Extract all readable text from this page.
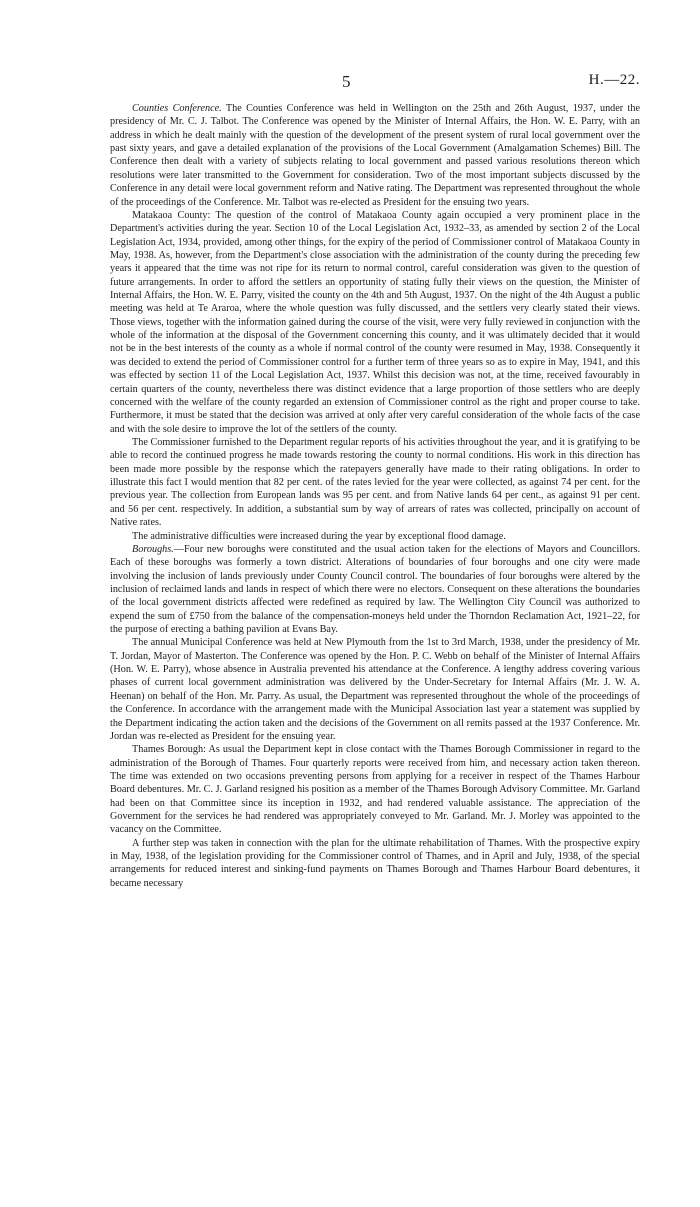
5	H.—22.

Counties Conference. The Counties Conference was held in Wellington on the 25th and 26th August, 1937, under the presidency of Mr. C. J. Talbot. The Conference was opened by the Minister of Internal Affairs, the Hon. W. E. Parry, with an address in which he dealt mainly with the question of the development of the present system of rural local government over the past sixty years, and gave a detailed explanation of the provisions of the Local Government (Amalgamation Schemes) Bill. The Conference then dealt with a variety of subjects relating to local government and passed various resolutions thereon which resolutions were later transmitted to the Government for consideration. Two of the most important subjects discussed by the Conference in any detail were local government reform and Native rating. The Department was represented throughout the whole of the proceedings of the Conference. Mr. Talbot was re-elected as President for the ensuing two years.

Matakaoa County: The question of the control of Matakaoa County again occupied a very prominent place in the Department's activities during the year. Section 10 of the Local Legislation Act, 1932–33, as amended by section 2 of the Local Legislation Act, 1934, provided, among other things, for the expiry of the period of Commissioner control of Matakaoa County in May, 1938. As, however, from the Department's close association with the administration of the county during the preceding few years it appeared that the time was not ripe for its return to normal control, careful consideration was given to the question of future arrangements. In order to afford the settlers an opportunity of stating fully their views on the question, the Minister of Internal Affairs, the Hon. W. E. Parry, visited the county on the 4th and 5th August, 1937. On the night of the 4th August a public meeting was held at Te Araroa, where the whole question was fully discussed, and the settlers very clearly stated their views. Those views, together with the information gained during the course of the visit, were very fully reviewed in conjunction with the whole of the information at the disposal of the Government concerning this county, and it was ultimately decided that it would not be in the best interests of the county as a whole if normal control of the county were resumed in May, 1938. Consequently it was decided to extend the period of Commissioner control for a further term of three years so as to expire in May, 1941, and this was effected by section 11 of the Local Legislation Act, 1937. Whilst this decision was not, at the time, received favourably in certain quarters of the county, nevertheless there was distinct evidence that a large proportion of those settlers who are deeply concerned with the welfare of the county regarded an extension of Commissioner control as the right and proper course to take. Furthermore, it must be stated that the decision was arrived at only after very careful consideration of the whole facts of the case and with the sole desire to improve the lot of the settlers of the county.

The Commissioner furnished to the Department regular reports of his activities throughout the year, and it is gratifying to be able to record the continued progress he made towards restoring the county to normal conditions. His work in this direction has been made more possible by the response which the ratepayers generally have made to their rating obligations. In order to illustrate this fact I would mention that 82 per cent. of the rates levied for the year were collected, as against 74 per cent. for the previous year. The collection from European lands was 95 per cent. and from Native lands 64 per cent., as against 91 per cent. and 56 per cent. respectively. In addition, a substantial sum by way of arrears of rates was collected, principally on account of Native rates.

The administrative difficulties were increased during the year by exceptional flood damage.

Boroughs.—Four new boroughs were constituted and the usual action taken for the elections of Mayors and Councillors. Each of these boroughs was formerly a town district. Alterations of boundaries of four boroughs and one city were made involving the inclusion of lands previously under County Council control. The boundaries of four boroughs were altered by the inclusion of reclaimed lands and lands in respect of which there were no electors. Consequent on these alterations the boundaries of the local government districts affected were redefined as required by law. The Wellington City Council was authorized to expend the sum of £750 from the balance of the compensation-moneys held under the Thorndon Reclamation Act, 1921–22, for the purpose of erecting a bathing pavilion at Evans Bay.

The annual Municipal Conference was held at New Plymouth from the 1st to 3rd March, 1938, under the presidency of Mr. T. Jordan, Mayor of Masterton. The Conference was opened by the Hon. P. C. Webb on behalf of the Minister of Internal Affairs (Hon. W. E. Parry), whose absence in Australia prevented his attendance at the Conference. A lengthy address covering various phases of current local government administration was delivered by the Under-Secretary for Internal Affairs (Mr. J. W. A. Heenan) on behalf of the Hon. Mr. Parry. As usual, the Department was represented throughout the whole of the proceedings of the Conference. In accordance with the arrangement made with the Municipal Association last year a statement was supplied by the Department indicating the action taken and the decisions of the Government on all remits passed at the 1937 Conference. Mr. Jordan was re-elected as President for the ensuing year.

Thames Borough: As usual the Department kept in close contact with the Thames Borough Commissioner in regard to the administration of the Borough of Thames. Four quarterly reports were received from him, and necessary action taken thereon. The time was extended on two occasions preventing persons from applying for a receiver in respect of the Thames Harbour Board debentures. Mr. C. J. Garland resigned his position as a member of the Thames Borough Advisory Committee. Mr. Garland had been on that Committee since its inception in 1932, and had rendered valuable assistance. The appreciation of the Government for the services he had rendered was appropriately conveyed to Mr. Garland. Mr. J. Morley was appointed to the vacancy on the Committee.

A further step was taken in connection with the plan for the ultimate rehabilitation of Thames. With the prospective expiry in May, 1938, of the legislation providing for the Commissioner control of Thames, and in April and July, 1938, of the special arrangements for reduced interest and sinking-fund payments on Thames Borough and Thames Harbour Board debentures, it became necessary
